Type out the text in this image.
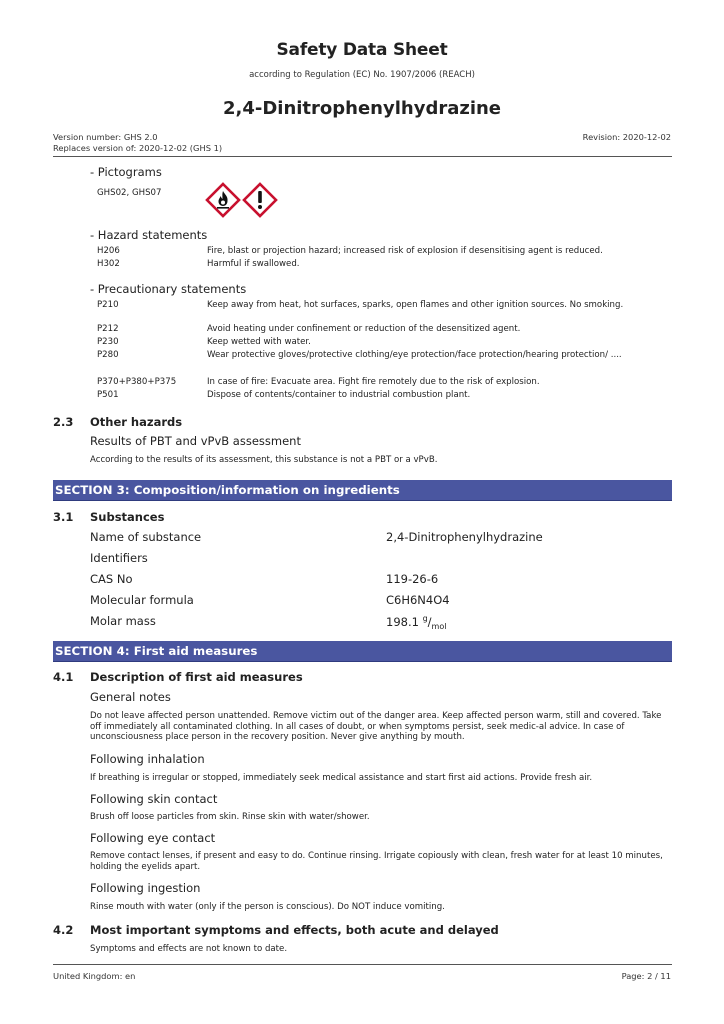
Safety Data Sheet
according to Regulation (EC) No. 1907/2006 (REACH)
2,4-Dinitrophenylhydrazine
Version number: GHS 2.0
Replaces version of: 2020-12-02 (GHS 1)
Revision: 2020-12-02
- Pictograms
GHS02, GHS07
- Hazard statements
H206	Fire, blast or projection hazard; increased risk of explosion if desensitising agent is reduced.
H302	Harmful if swallowed.
- Precautionary statements
P210	Keep away from heat, hot surfaces, sparks, open flames and other ignition sources. No smoking.
P212	Avoid heating under confinement or reduction of the desensitized agent.
P230	Keep wetted with water.
P280	Wear protective gloves/protective clothing/eye protection/face protection/hearing protection/ ....
P370+P380+P375	In case of fire: Evacuate area. Fight fire remotely due to the risk of explosion.
P501	Dispose of contents/container to industrial combustion plant.
2.3 Other hazards
Results of PBT and vPvB assessment
According to the results of its assessment, this substance is not a PBT or a vPvB.
SECTION 3: Composition/information on ingredients
3.1 Substances
Name of substance	2,4-Dinitrophenylhydrazine
Identifiers
CAS No	119-26-6
Molecular formula	C6H6N4O4
Molar mass	198.1 $^g/_{mol}$
SECTION 4: First aid measures
4.1 Description of first aid measures
General notes
Do not leave affected person unattended. Remove victim out of the danger area. Keep affected person warm, still and covered. Take off immediately all contaminated clothing. In all cases of doubt, or when symptoms persist, seek medic-al advice. In case of unconsciousness place person in the recovery position. Never give anything by mouth.
Following inhalation
If breathing is irregular or stopped, immediately seek medical assistance and start first aid actions. Provide fresh air.
Following skin contact
Brush off loose particles from skin. Rinse skin with water/shower.
Following eye contact
Remove contact lenses, if present and easy to do. Continue rinsing. Irrigate copiously with clean, fresh water for at least 10 minutes, holding the eyelids apart.
Following ingestion
Rinse mouth with water (only if the person is conscious). Do NOT induce vomiting.
4.2 Most important symptoms and effects, both acute and delayed
Symptoms and effects are not known to date.
United Kingdom: en	Page: 2 / 11
